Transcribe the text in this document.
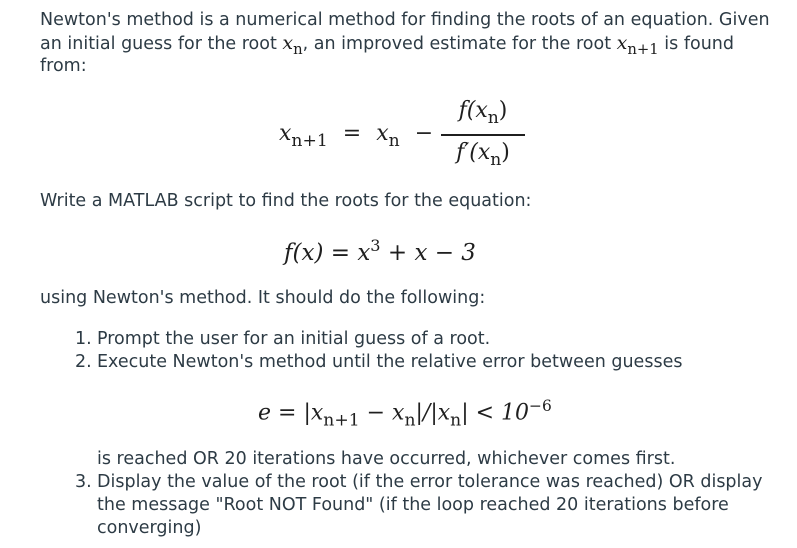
Newton's method is a numerical method for finding the roots of an equation. Given
an initial guess for the root $x_n$, an improved estimate for the root $x_{n+1}$ is found
from:
$x_{n+1} = x_n$ −
$f(x_n)$
$f'(x_n)$
Write a MATLAB script to find the roots for the equation:
$f(x) = x^3 + x - 3$
using Newton's method. It should do the following:
1. Prompt the user for an initial guess of a root.
2. Execute Newton's method until the relative error between guesses
$e = |x_{n+1} - x_n|/|x_n| < 10^{-6}$
is reached OR 20 iterations have occurred, whichever comes first.
3. Display the value of the root (if the error tolerance was reached) OR display
the message "Root NOT Found" (if the loop reached 20 iterations before
converging)
